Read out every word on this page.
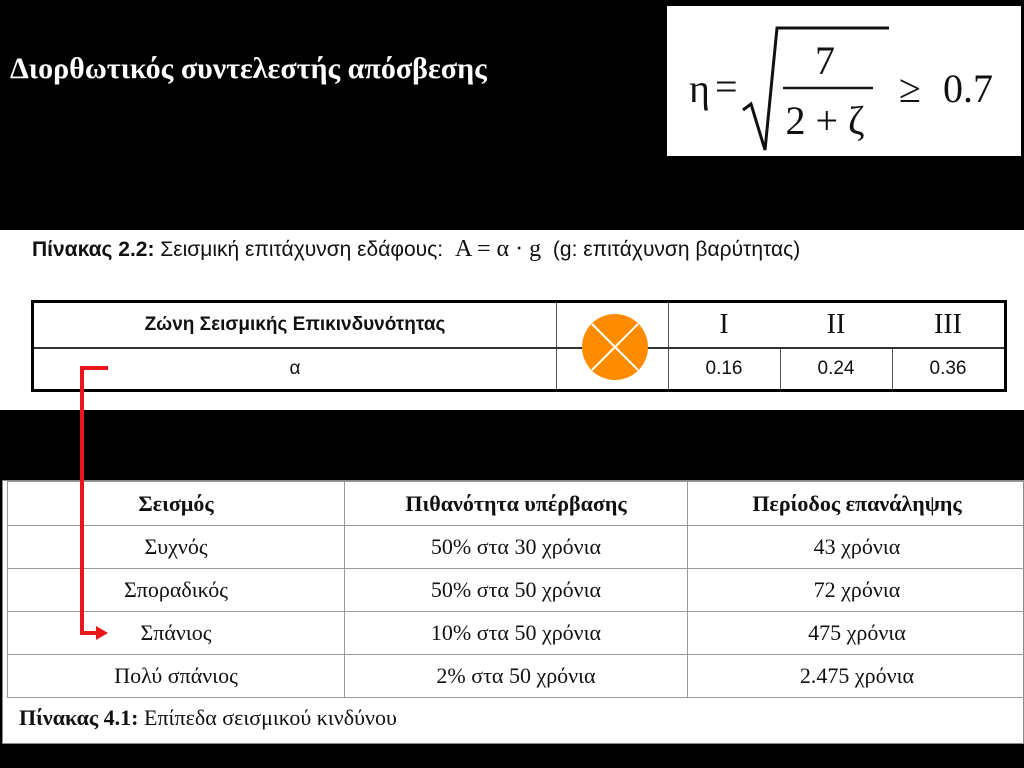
Διορθωτικός συντελεστής απόσβεσης	η =
7
2 + ζ
≥ 0.7
Πίνακας 2.2: Σεισμική επιτάχυνση εδάφους: A = α · g (g: επιτάχυνση βαρύτητας)
Ζώνη Σεισμικής Επικινδυνότητας	I	II	III
α	0.16	0.24	0.36
Σεισμός	Πιθανότητα υπέρβασης	Περίοδος επανάληψης
Συχνός	50% στα 30 χρόνια	43 χρόνια
Σποραδικός	50% στα 50 χρόνια	72 χρόνια
Σπάνιος	10% στα 50 χρόνια	475 χρόνια
Πολύ σπάνιος	2% στα 50 χρόνια	2.475 χρόνια
Πίνακας 4.1: Επίπεδα σεισμικού κινδύνου
